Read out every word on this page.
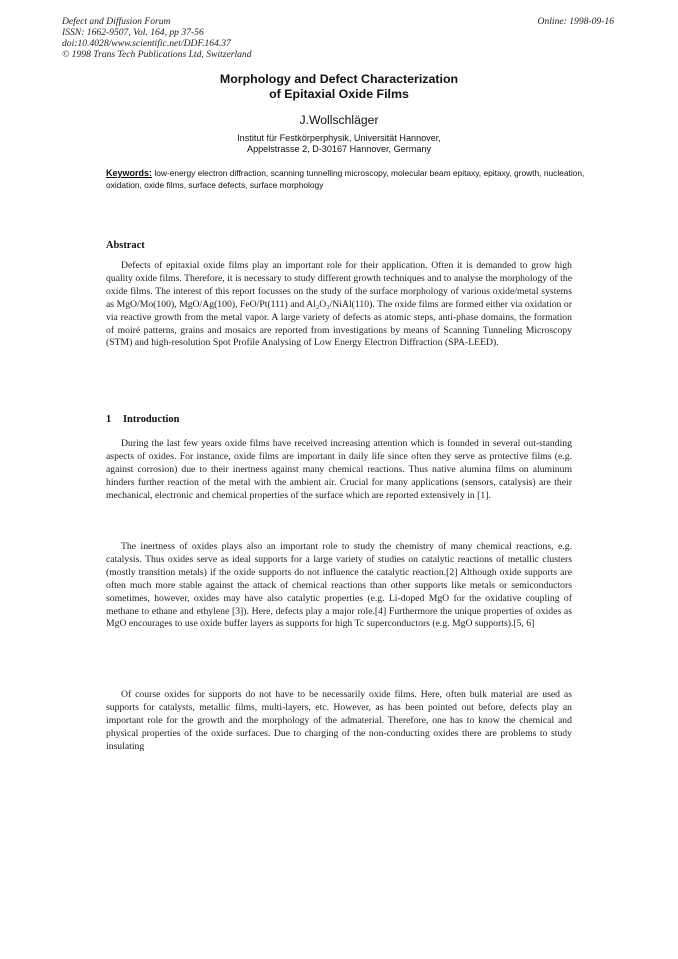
Defect and Diffusion Forum
ISSN: 1662-9507, Vol. 164, pp 37-56
doi:10.4028/www.scientific.net/DDF.164.37
© 1998 Trans Tech Publications Ltd, Switzerland
Online: 1998-09-16
Morphology and Defect Characterization
of Epitaxial Oxide Films
J.Wollschläger
Institut für Festkörperphysik, Universität Hannover,
Appelstrasse 2, D-30167 Hannover, Germany
Keywords: low-energy electron diffraction, scanning tunnelling microscopy, molecular beam epitaxy, epitaxy, growth, nucleation, oxidation, oxide films, surface defects, surface morphology
Abstract

Defects of epitaxial oxide films play an important role for their application. Often it is demanded to grow high quality oxide films. Therefore, it is necessary to study different growth techniques and to analyse the morphology of the oxide films. The interest of this report focusses on the study of the surface morphology of various oxide/metal systems as MgO/Mo(100), MgO/Ag(100), FeO/Pt(111) and Al₂O₃/NiAl(110). The oxide films are formed either via oxidation or via reactive growth from the metal vapor. A large variety of defects as atomic steps, anti-phase domains, the formation of moiré patterns, grains and mosaics are reported from investigations by means of Scanning Tunneling Microscopy (STM) and high-resolution Spot Profile Analysing of Low Energy Electron Diffraction (SPA-LEED).

1 Introduction

During the last few years oxide films have received increasing attention which is founded in several out-standing aspects of oxides. For instance, oxide films are important in daily life since often they serve as protective films (e.g. against corrosion) due to their inertness against many chemical reactions. Thus native alumina films on aluminum hinders further reaction of the metal with the ambient air. Crucial for many applications (sensors, catalysis) are their mechanical, electronic and chemical properties of the surface which are reported extensively in [1].

The inertness of oxides plays also an important role to study the chemistry of many chemical reactions, e.g. catalysis. Thus oxides serve as ideal supports for a large variety of studies on catalytic reactions of metallic clusters (mostly transition metals) if the oxide supports do not influence the catalytic reaction.[2] Although oxide supports are often much more stable against the attack of chemical reactions than other supports like metals or semiconductors sometimes, however, oxides may have also catalytic properties (e.g. Li-doped MgO for the oxidative coupling of methane to ethane and ethylene [3]). Here, defects play a major role.[4] Furthermore the unique properties of oxides as MgO encourages to use oxide buffer layers as supports for high Tc superconductors (e.g. MgO supports).[5, 6]

Of course oxides for supports do not have to be necessarily oxide films. Here, often bulk material are used as supports for catalysts, metallic films, multi-layers, etc. However, as has been pointed out before, defects play an important role for the growth and the morphology of the admaterial. Therefore, one has to know the chemical and physical properties of the oxide surfaces. Due to charging of the non-conducting oxides there are problems to study insulating
